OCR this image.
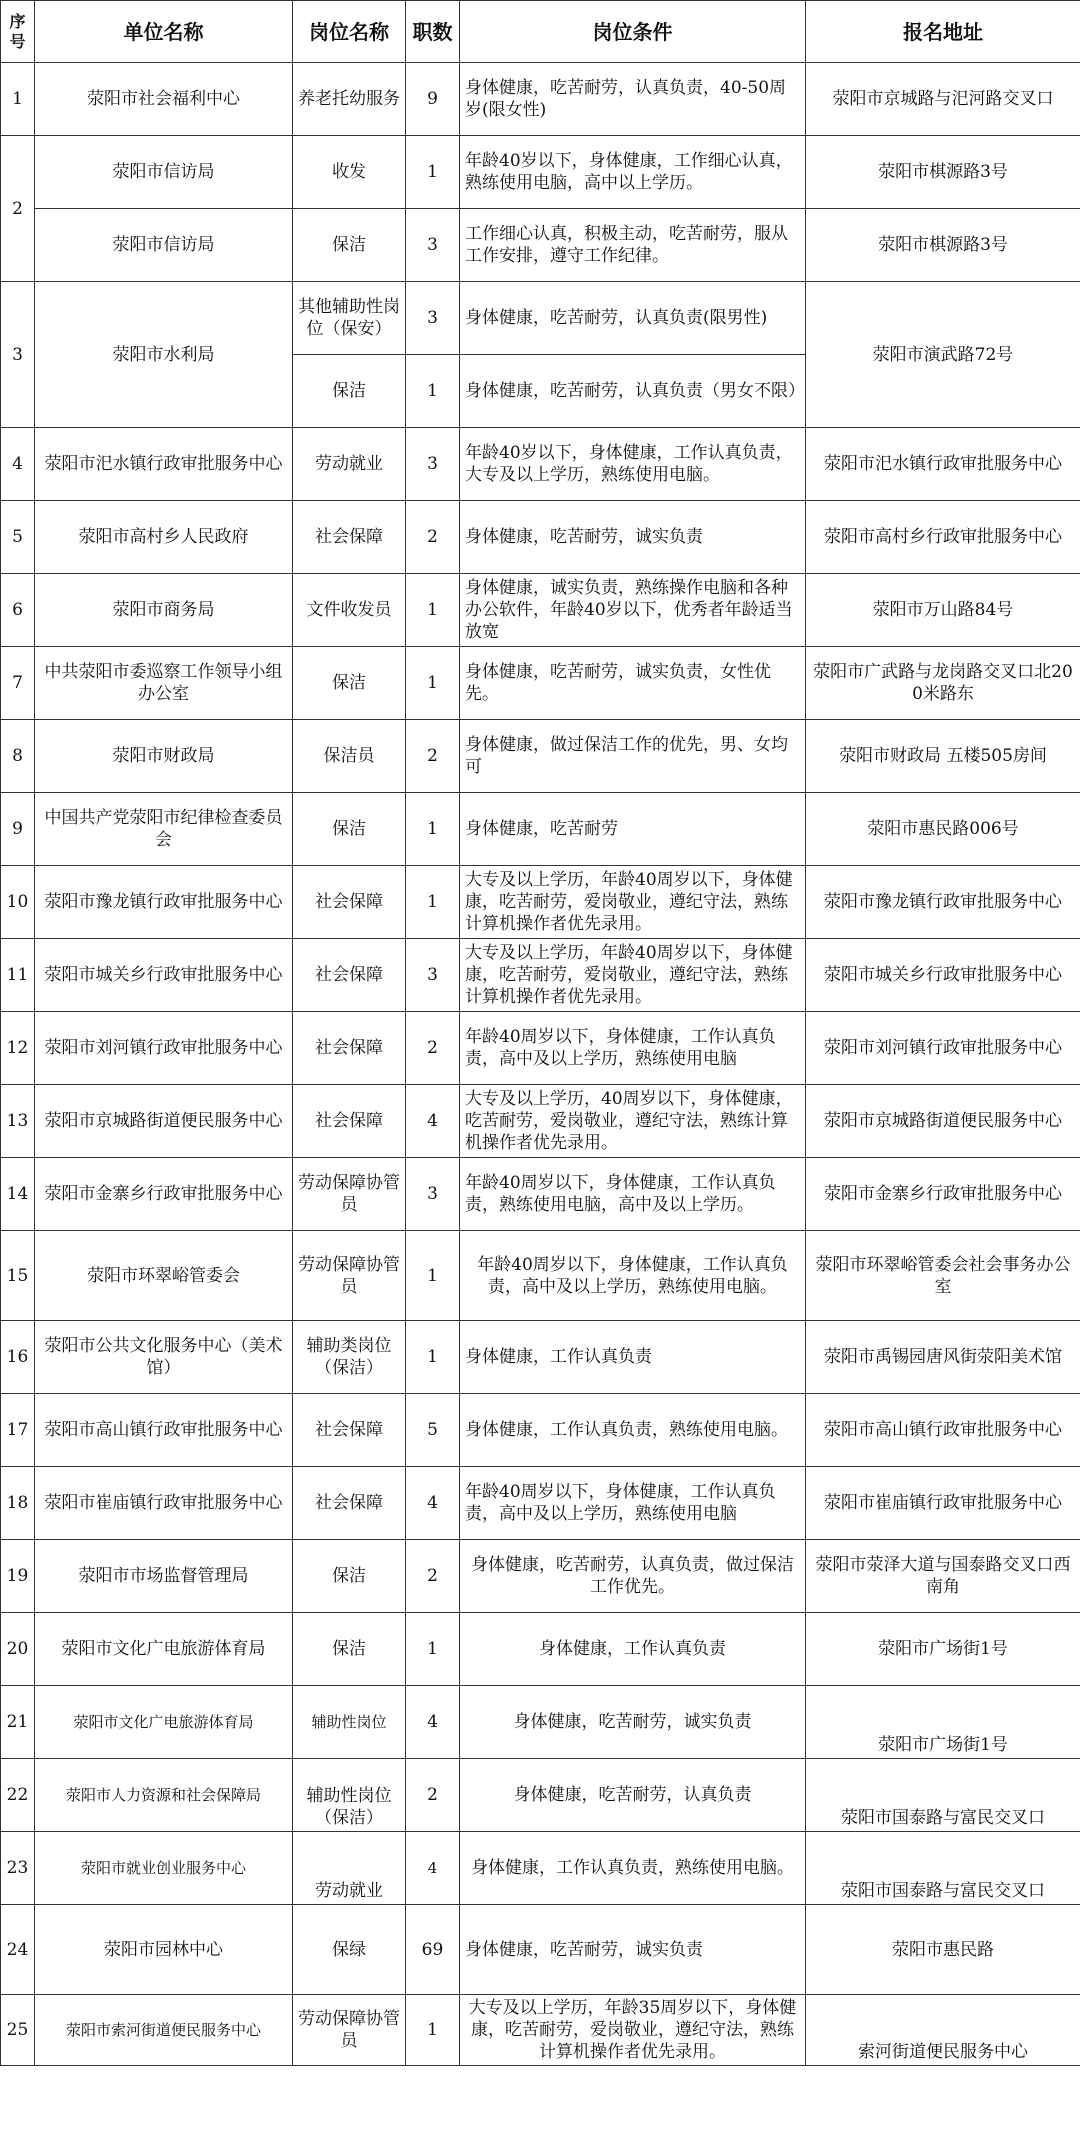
序号	单位名称	岗位名称	职数	岗位条件	报名地址
1	荥阳市社会福利中心	养老托幼服务	9	身体健康，吃苦耐劳，认真负责，40-50周岁(限女性)	荥阳市京城路与汜河路交叉口
2	荥阳市信访局	收发	1	年龄40岁以下，身体健康，工作细心认真，熟练使用电脑，高中以上学历。	荥阳市棋源路3号
	荥阳市信访局	保洁	3	工作细心认真，积极主动，吃苦耐劳，服从工作安排，遵守工作纪律。	荥阳市棋源路3号
3	荥阳市水利局	其他辅助性岗位（保安）	3	身体健康，吃苦耐劳，认真负责(限男性)	荥阳市演武路72号
		保洁	1	身体健康，吃苦耐劳，认真负责（男女不限）	
4	荥阳市汜水镇行政审批服务中心	劳动就业	3	年龄40岁以下，身体健康，工作认真负责，大专及以上学历，熟练使用电脑。	荥阳市汜水镇行政审批服务中心
5	荥阳市高村乡人民政府	社会保障	2	身体健康，吃苦耐劳，诚实负责	荥阳市高村乡行政审批服务中心
6	荥阳市商务局	文件收发员	1	身体健康，诚实负责，熟练操作电脑和各种办公软件，年龄40岁以下，优秀者年龄适当放宽	荥阳市万山路84号
7	中共荥阳市委巡察工作领导小组办公室	保洁	1	身体健康，吃苦耐劳，诚实负责，女性优先。	荥阳市广武路与龙岗路交叉口北200米路东
8	荥阳市财政局	保洁员	2	身体健康，做过保洁工作的优先，男、女均可	荥阳市财政局 五楼505房间
9	中国共产党荥阳市纪律检查委员会	保洁	1	身体健康，吃苦耐劳	荥阳市惠民路006号
10	荥阳市豫龙镇行政审批服务中心	社会保障	1	大专及以上学历，年龄40周岁以下，身体健康，吃苦耐劳，爱岗敬业，遵纪守法，熟练计算机操作者优先录用。	荥阳市豫龙镇行政审批服务中心
11	荥阳市城关乡行政审批服务中心	社会保障	3	大专及以上学历，年龄40周岁以下，身体健康，吃苦耐劳，爱岗敬业，遵纪守法，熟练计算机操作者优先录用。	荥阳市城关乡行政审批服务中心
12	荥阳市刘河镇行政审批服务中心	社会保障	2	年龄40周岁以下，身体健康，工作认真负责，高中及以上学历，熟练使用电脑	荥阳市刘河镇行政审批服务中心
13	荥阳市京城路街道便民服务中心	社会保障	4	大专及以上学历，40周岁以下，身体健康，吃苦耐劳，爱岗敬业，遵纪守法，熟练计算机操作者优先录用。	荥阳市京城路街道便民服务中心
14	荥阳市金寨乡行政审批服务中心	劳动保障协管员	3	年龄40周岁以下，身体健康，工作认真负责，熟练使用电脑，高中及以上学历。	荥阳市金寨乡行政审批服务中心
15	荥阳市环翠峪管委会	劳动保障协管员	1	年龄40周岁以下，身体健康，工作认真负责，高中及以上学历，熟练使用电脑。	荥阳市环翠峪管委会社会事务办公室
16	荥阳市公共文化服务中心（美术馆）	辅助类岗位（保洁）	1	身体健康，工作认真负责	荥阳市禹锡园唐风街荥阳美术馆
17	荥阳市高山镇行政审批服务中心	社会保障	5	身体健康，工作认真负责，熟练使用电脑。	荥阳市高山镇行政审批服务中心
18	荥阳市崔庙镇行政审批服务中心	社会保障	4	年龄40周岁以下，身体健康，工作认真负责，高中及以上学历，熟练使用电脑	荥阳市崔庙镇行政审批服务中心
19	荥阳市市场监督管理局	保洁	2	身体健康，吃苦耐劳，认真负责，做过保洁工作优先。	荥阳市荥泽大道与国泰路交叉口西南角
20	荥阳市文化广电旅游体育局	保洁	1	身体健康，工作认真负责	荥阳市广场街1号
21	荥阳市文化广电旅游体育局	辅助性岗位	4	身体健康，吃苦耐劳，诚实负责	荥阳市广场街1号
22	荥阳市人力资源和社会保障局	辅助性岗位（保洁）	2	身体健康，吃苦耐劳，认真负责	荥阳市国泰路与富民交叉口
23	荥阳市就业创业服务中心	劳动就业	4	身体健康，工作认真负责，熟练使用电脑。	荥阳市国泰路与富民交叉口
24	荥阳市园林中心	保绿	69	身体健康，吃苦耐劳，诚实负责	荥阳市惠民路
25	荥阳市索河街道便民服务中心	劳动保障协管员	1	大专及以上学历，年龄35周岁以下，身体健康，吃苦耐劳，爱岗敬业，遵纪守法，熟练计算机操作者优先录用。	索河街道便民服务中心
